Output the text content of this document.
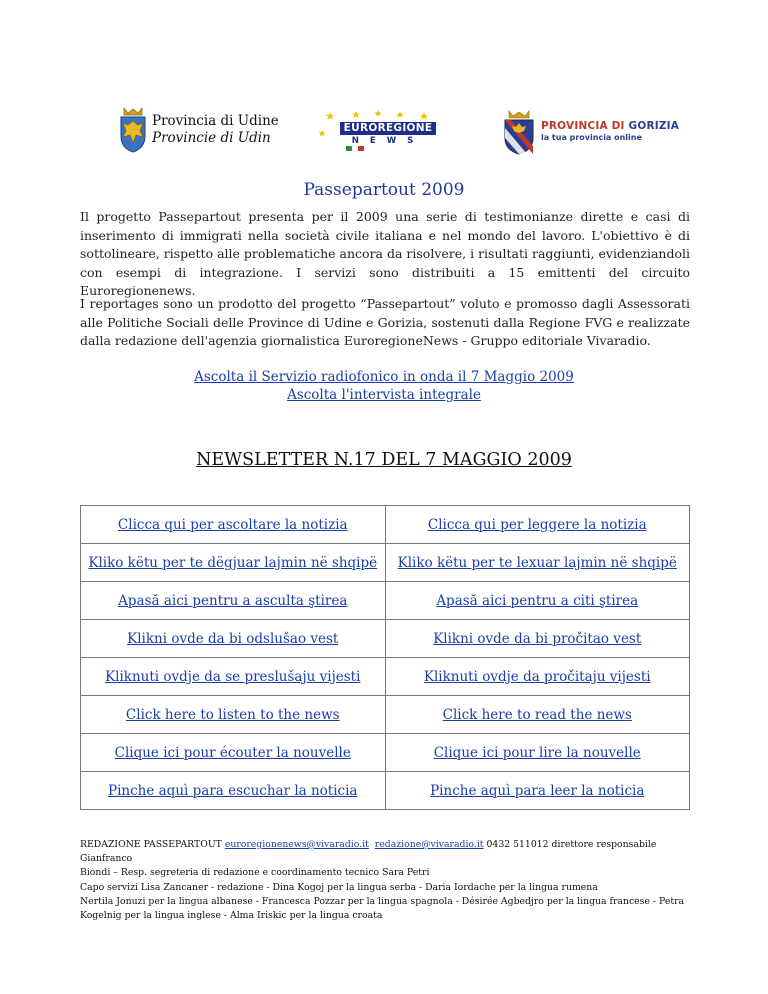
Provincia di Udine
Provincie di Udin
EUROREGIONE
NEWS
PROVINCIA DI GORIZIA
la tua provincia online
Passepartout 2009

Il progetto Passepartout presenta per il 2009 una serie di testimonianze dirette e casi di inserimento di immigrati nella società civile italiana e nel mondo del lavoro. L'obiettivo è di sottolineare, rispetto alle problematiche ancora da risolvere, i risultati raggiunti, evidenziandoli con esempi di integrazione. I servizi sono distribuiti a 15 emittenti del circuito Euroregionenews.

I reportages sono un prodotto del progetto “Passepartout” voluto e promosso dagli Assessorati alle Politiche Sociali delle Province di Udine e Gorizia, sostenuti dalla Regione FVG e realizzate dalla redazione dell'agenzia giornalistica EuroregioneNews - Gruppo editoriale Vivaradio.

Ascolta il Servizio radiofonico in onda il 7 Maggio 2009
Ascolta l'intervista integrale
NEWSLETTER N.17 DEL 7 MAGGIO 2009
Clicca qui per ascoltare la notizia	Clicca qui per leggere la notizia
Kliko këtu per te dëgjuar lajmin në shqipë	Kliko këtu per te lexuar lajmin në shqipë
Apasă aici pentru a asculta ştirea	Apasă aici pentru a citi ştirea
Klikni ovde da bi odslušao vest	Klikni ovde da bi pročitao vest
Kliknuti ovdje da se preslušaju vijesti	Kliknuti ovdje da pročitaju vijesti
Click here to listen to the news	Click here to read the news
Clique ici pour écouter la nouvelle	Clique ici pour lire la nouvelle
Pinche aquì para escuchar la noticia	Pinche aquì para leer la noticia
REDAZIONE PASSEPARTOUT euroregionenews@vivaradio.it redazione@vivaradio.it 0432 511012 direttore responsabile Gianfranco
Biondi – Resp. segreteria di redazione e coordinamento tecnico Sara Petri
Capo servizi Lisa Zancaner - redazione - Dina Kogoj per la lingua serba - Daria Iordache per la lingua rumena
Nertila Jonuzi per la lingua albanese - Francesca Pozzar per la lingua spagnola - Désirée Agbedjro per la lingua francese - Petra
Kogelnig per la lingua inglese - Alma Iriskic per la lingua croata
